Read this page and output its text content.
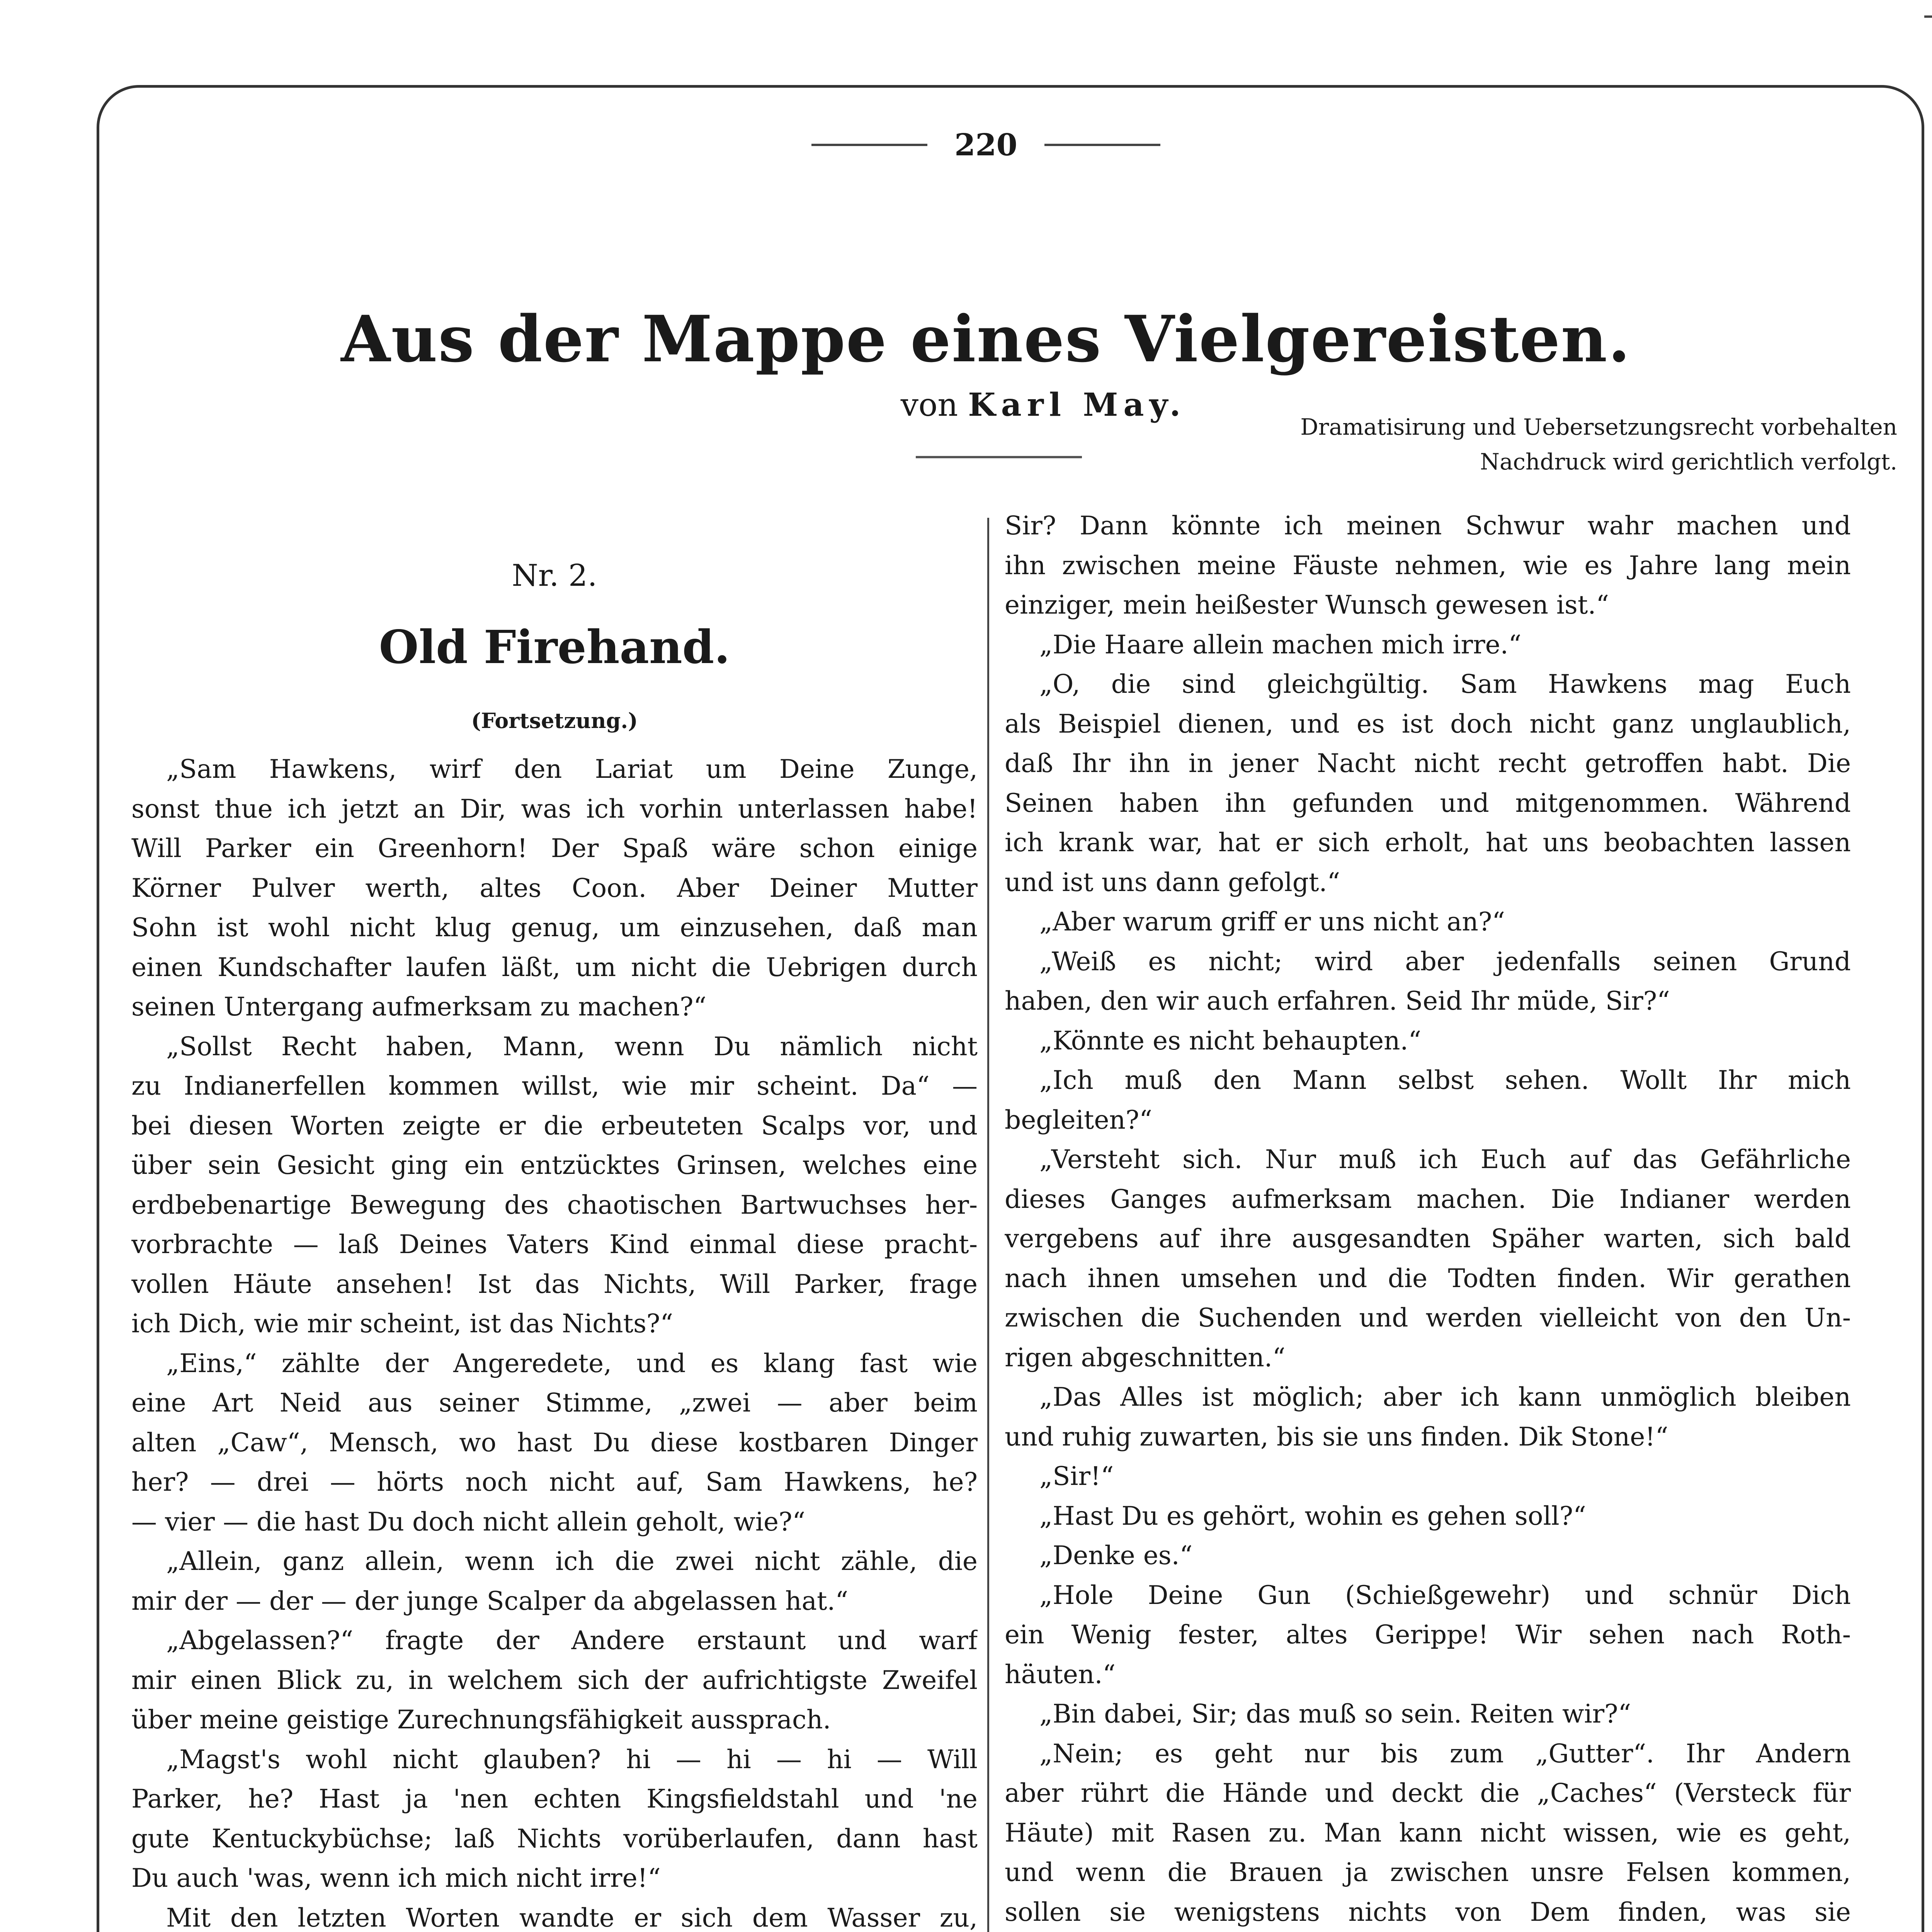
220
Aus der Mappe eines Vielgereisten.
von Karl May.
Dramatisirung und Uebersetzungsrecht vorbehalten
Nachdruck wird gerichtlich verfolgt.
Nr. 2.
Old Firehand.
(Fortsetzung.)
„Sam Hawkens, wirf den Lariat um Deine Zunge,
sonst thue ich jetzt an Dir, was ich vorhin unterlassen habe!
Will Parker ein Greenhorn! Der Spaß wäre schon einige
Körner Pulver werth, altes Coon. Aber Deiner Mutter
Sohn ist wohl nicht klug genug, um einzusehen, daß man
einen Kundschafter laufen läßt, um nicht die Uebrigen durch
seinen Untergang aufmerksam zu machen?“
„Sollst Recht haben, Mann, wenn Du nämlich nicht
zu Indianerfellen kommen willst, wie mir scheint. Da“ —
bei diesen Worten zeigte er die erbeuteten Scalps vor, und
über sein Gesicht ging ein entzücktes Grinsen, welches eine
erdbebenartige Bewegung des chaotischen Bartwuchses her-
vorbrachte — laß Deines Vaters Kind einmal diese pracht-
vollen Häute ansehen! Ist das Nichts, Will Parker, frage
ich Dich, wie mir scheint, ist das Nichts?“
„Eins,“ zählte der Angeredete, und es klang fast wie
eine Art Neid aus seiner Stimme, „zwei — aber beim
alten „Caw“, Mensch, wo hast Du diese kostbaren Dinger
her? — drei — hörts noch nicht auf, Sam Hawkens, he?
— vier — die hast Du doch nicht allein geholt, wie?“
„Allein, ganz allein, wenn ich die zwei nicht zähle, die
mir der — der — der junge Scalper da abgelassen hat.“
„Abgelassen?“ fragte der Andere erstaunt und warf
mir einen Blick zu, in welchem sich der aufrichtigste Zweifel
über meine geistige Zurechnungsfähigkeit aussprach.
„Magst's wohl nicht glauben? hi — hi — hi — Will
Parker, he? Hast ja 'nen echten Kingsfieldstahl und 'ne
gute Kentuckybüchse; laß Nichts vorüberlaufen, dann hast
Du auch 'was, wenn ich mich nicht irre!“
Mit den letzten Worten wandte er sich dem Wasser zu,
Sir? Dann könnte ich meinen Schwur wahr machen und
ihn zwischen meine Fäuste nehmen, wie es Jahre lang mein
einziger, mein heißester Wunsch gewesen ist.“
„Die Haare allein machen mich irre.“
„O, die sind gleichgültig. Sam Hawkens mag Euch
als Beispiel dienen, und es ist doch nicht ganz unglaublich,
daß Ihr ihn in jener Nacht nicht recht getroffen habt. Die
Seinen haben ihn gefunden und mitgenommen. Während
ich krank war, hat er sich erholt, hat uns beobachten lassen
und ist uns dann gefolgt.“
„Aber warum griff er uns nicht an?“
„Weiß es nicht; wird aber jedenfalls seinen Grund
haben, den wir auch erfahren. Seid Ihr müde, Sir?“
„Könnte es nicht behaupten.“
„Ich muß den Mann selbst sehen. Wollt Ihr mich
begleiten?“
„Versteht sich. Nur muß ich Euch auf das Gefährliche
dieses Ganges aufmerksam machen. Die Indianer werden
vergebens auf ihre ausgesandten Späher warten, sich bald
nach ihnen umsehen und die Todten finden. Wir gerathen
zwischen die Suchenden und werden vielleicht von den Un-
rigen abgeschnitten.“
„Das Alles ist möglich; aber ich kann unmöglich bleiben
und ruhig zuwarten, bis sie uns finden. Dik Stone!“
„Sir!“
„Hast Du es gehört, wohin es gehen soll?“
„Denke es.“
„Hole Deine Gun (Schießgewehr) und schnür Dich
ein Wenig fester, altes Gerippe! Wir sehen nach Roth-
häuten.“
„Bin dabei, Sir; das muß so sein. Reiten wir?“
„Nein; es geht nur bis zum „Gutter“. Ihr Andern
aber rührt die Hände und deckt die „Caches“ (Versteck für
Häute) mit Rasen zu. Man kann nicht wissen, wie es geht,
und wenn die Brauen ja zwischen unsre Felsen kommen,
sollen sie wenigstens nichts von Dem finden, was sie
